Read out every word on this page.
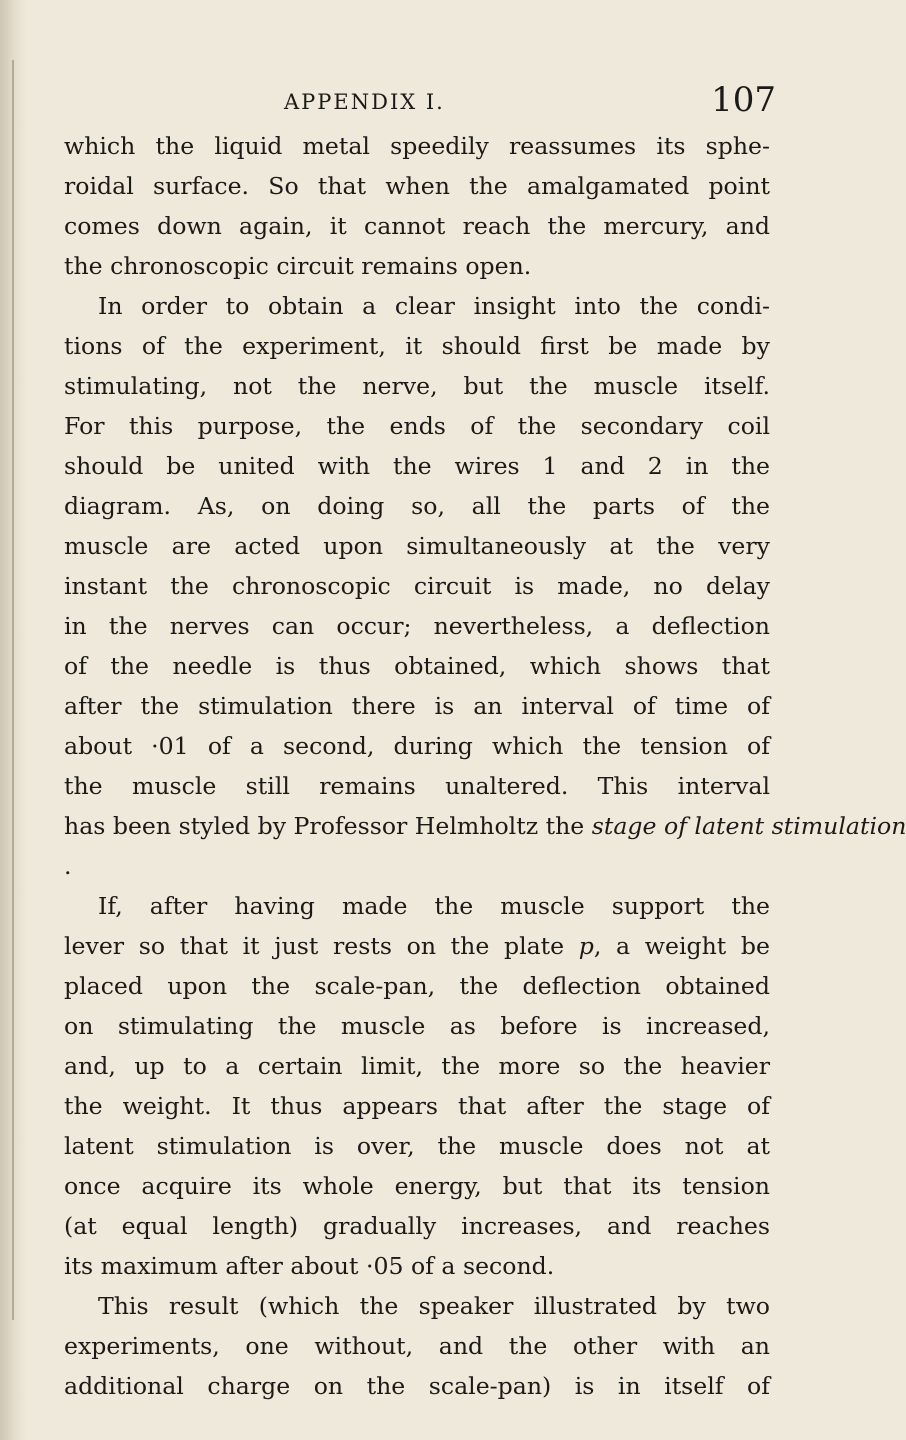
APPENDIX I.	107
which the liquid metal speedily reassumes its sphe-
roidal surface. So that when the amalgamated point
comes down again, it cannot reach the mercury, and
the chronoscopic circuit remains open.
In order to obtain a clear insight into the condi-
tions of the experiment, it should first be made by
stimulating, not the nerve, but the muscle itself.
For this purpose, the ends of the secondary coil
should be united with the wires 1 and 2 in the
diagram. As, on doing so, all the parts of the
muscle are acted upon simultaneously at the very
instant the chronoscopic circuit is made, no delay
in the nerves can occur; nevertheless, a deflection
of the needle is thus obtained, which shows that
after the stimulation there is an interval of time of
about ·01 of a second, during which the tension of
the muscle still remains unaltered. This interval
has been styled by Professor Helmholtz the stage of latent stimulation
.
If, after having made the muscle support the
lever so that it just rests on the plate p, a weight be
placed upon the scale-pan, the deflection obtained
on stimulating the muscle as before is increased,
and, up to a certain limit, the more so the heavier
the weight. It thus appears that after the stage of
latent stimulation is over, the muscle does not at
once acquire its whole energy, but that its tension
(at equal length) gradually increases, and reaches
its maximum after about ·05 of a second.
This result (which the speaker illustrated by two
experiments, one without, and the other with an
additional charge on the scale-pan) is in itself of
